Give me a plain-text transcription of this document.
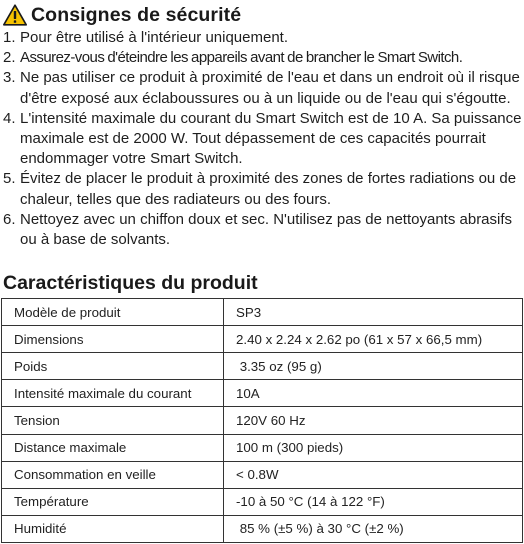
Consignes de sécurité
1. Pour être utilisé à l'intérieur uniquement.
2. Assurez-vous d'éteindre les appareils avant de brancher le Smart Switch.
3. Ne pas utiliser ce produit à proximité de l'eau et dans un endroit où il risque d'être exposé aux éclaboussures ou à un liquide ou de l'eau qui s'égoutte.
4. L'intensité maximale du courant du Smart Switch est de 10 A. Sa puissance maximale est de 2000 W. Tout dépassement de ces capacités pourrait endommager votre Smart Switch.
5. Évitez de placer le produit à proximité des zones de fortes radiations ou de chaleur, telles que des radiateurs ou des fours.
6. Nettoyez avec un chiffon doux et sec. N'utilisez pas de nettoyants abrasifs ou à base de solvants.
Caractéristiques du produit
Modèle de produit	SP3
Dimensions	2.40 x 2.24 x 2.62 po (61 x 57 x 66,5 mm)
Poids	3.35 oz (95 g)
Intensité maximale du courant	10A
Tension	120V 60 Hz
Distance maximale	100 m (300 pieds)
Consommation en veille	< 0.8W
Température	-10 à 50 °C (14 à 122 °F)
Humidité	85 % (±5 %) à 30 °C (±2 %)
